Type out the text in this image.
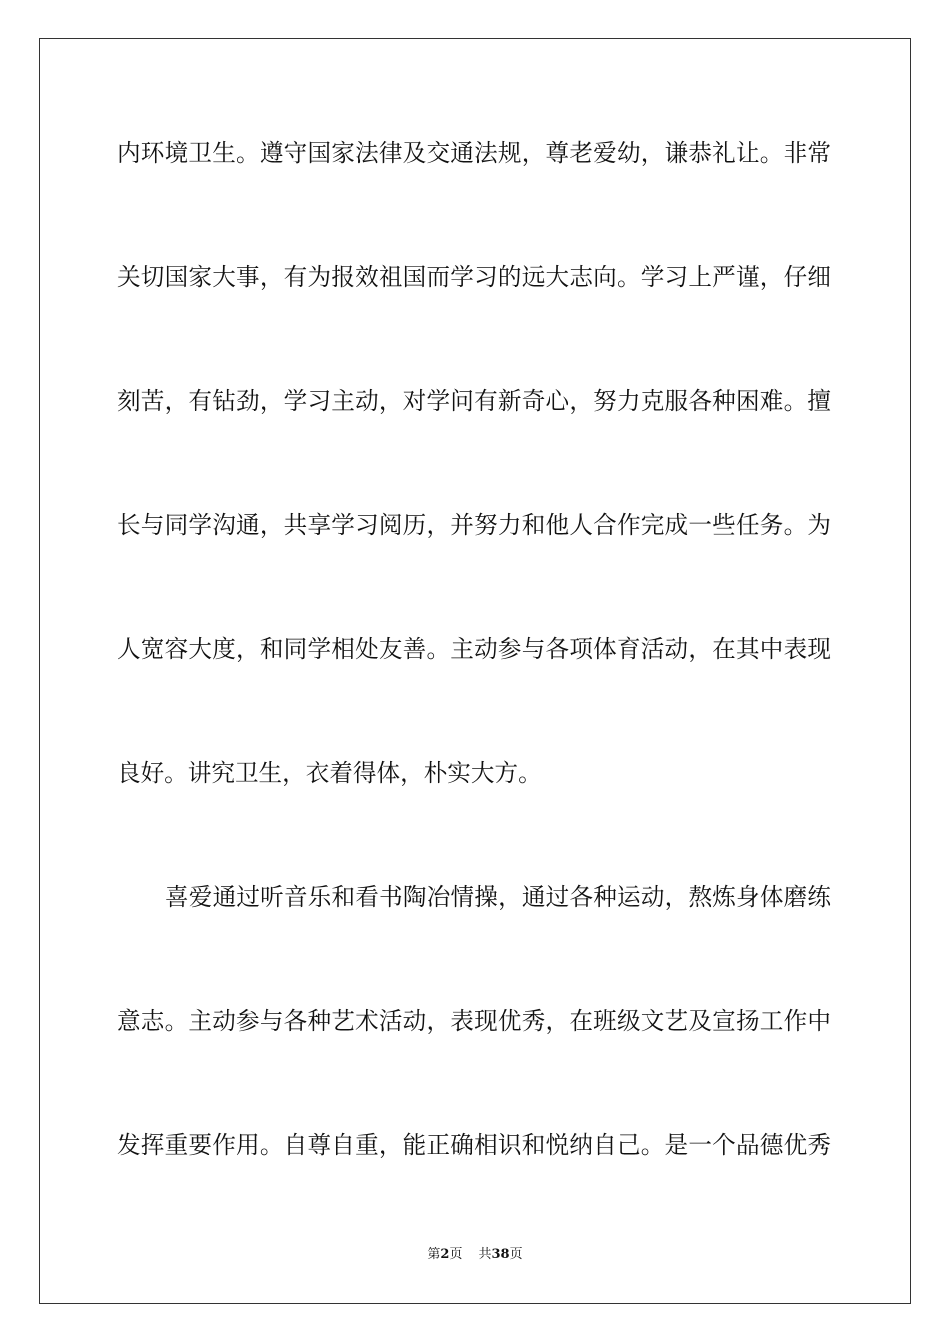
内环境卫生。遵守国家法律及交通法规，尊老爱幼，谦恭礼让。非常
关切国家大事，有为报效祖国而学习的远大志向。学习上严谨，仔细
刻苦，有钻劲，学习主动，对学问有新奇心，努力克服各种困难。擅
长与同学沟通，共享学习阅历，并努力和他人合作完成一些任务。为
人宽容大度，和同学相处友善。主动参与各项体育活动，在其中表现
良好。讲究卫生，衣着得体，朴实大方。
喜爱通过听音乐和看书陶冶情操，通过各种运动，熬炼身体磨练
意志。主动参与各种艺术活动，表现优秀，在班级文艺及宣扬工作中
发挥重要作用。自尊自重，能正确相识和悦纳自己。是一个品德优秀
第2页 共38页
